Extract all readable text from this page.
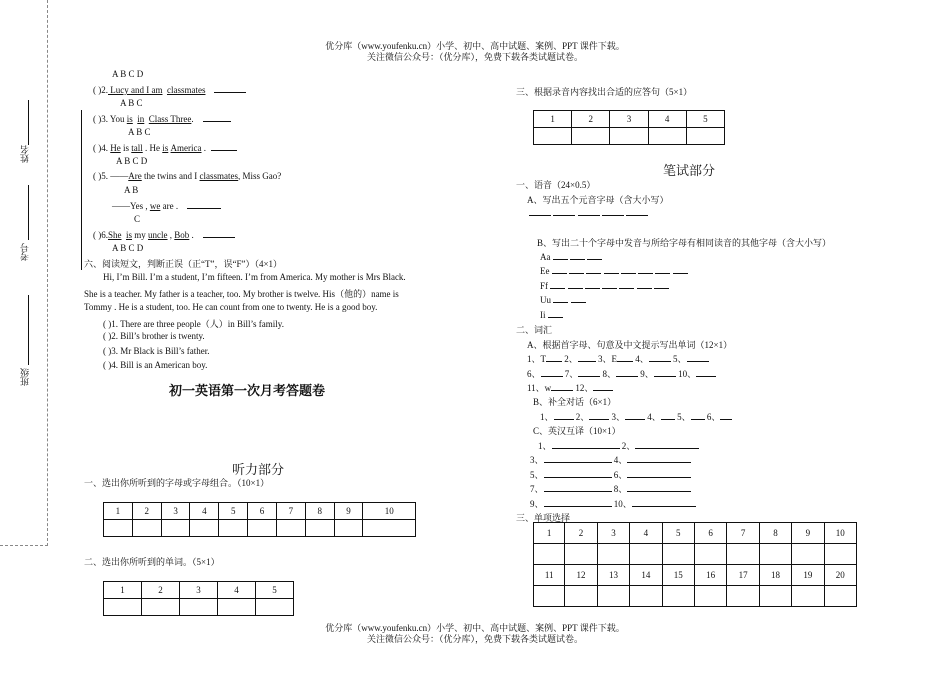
优分库（www.youfenku.cn）小学、初中、高中试题、案例、PPT 课件下载。
关注微信公众号：（优分库），免费下载各类试题试卷。
姓名
考号
班级
A B C D
( )2. Lucy and I am classmates
A B C
( )3. You is in Class Three.
A B C
( )4. He is tall . He is America .
A B C D
( )5. ——Are the twins and I classmates, Miss Gao?
A B
——Yes , we are .
C
( )6.She is my uncle , Bob .
A B C D
六、阅读短文，判断正误（正“T”，误“F”）（4×1）
Hi, I’m Bill. I’m a student, I’m fifteen. I’m from America. My mother is Mrs Black.
She is a teacher. My father is a teacher, too. My brother is twelve. His（他的）name is
Tommy . He is a student, too. He can count from one to twenty. He is a good boy.
( )1. There are three people（人）in Bill’s family.
( )2. Bill’s brother is twenty.
( )3. Mr Black is Bill’s father.
( )4. Bill is an American boy.
初一英语第一次月考答题卷
听力部分
一、选出你所听到的字母或字母组合。（10×1）
1	2	3	4	5	6	7	8	9	10

二、选出你所听到的单词。（5×1）
1	2	3	4	5

三、根据录音内容找出合适的应答句（5×1）
1	2	3	4	5

笔试部分
一、语音（24×0.5）
A、写出五个元音字母（含大小写）

B、写出二十个字母中发音与所给字母有相同读音的其他字母（含大小写）
Aa
Ee
Ff
Uu
Ii
二、词汇
A、根据首字母、句意及中文提示写出单词（12×1）
1、T 2、 3、E 4、	5、
6、	7、	8、	9、	10、
11、w	12、
B、补全对话（6×1）
1、 2、 3、 4、 5、 6、
C、英汉互译（10×1）
1、	2、
3、	4、
5、	6、
7、	8、
9、	10、
三、单项选择
1	2	3	4	5	6	7	8	9	10

11	12	13	14	15	16	17	18	19	20

优分库（www.youfenku.cn）小学、初中、高中试题、案例、PPT 课件下载。
关注微信公众号：（优分库），免费下载各类试题试卷。
